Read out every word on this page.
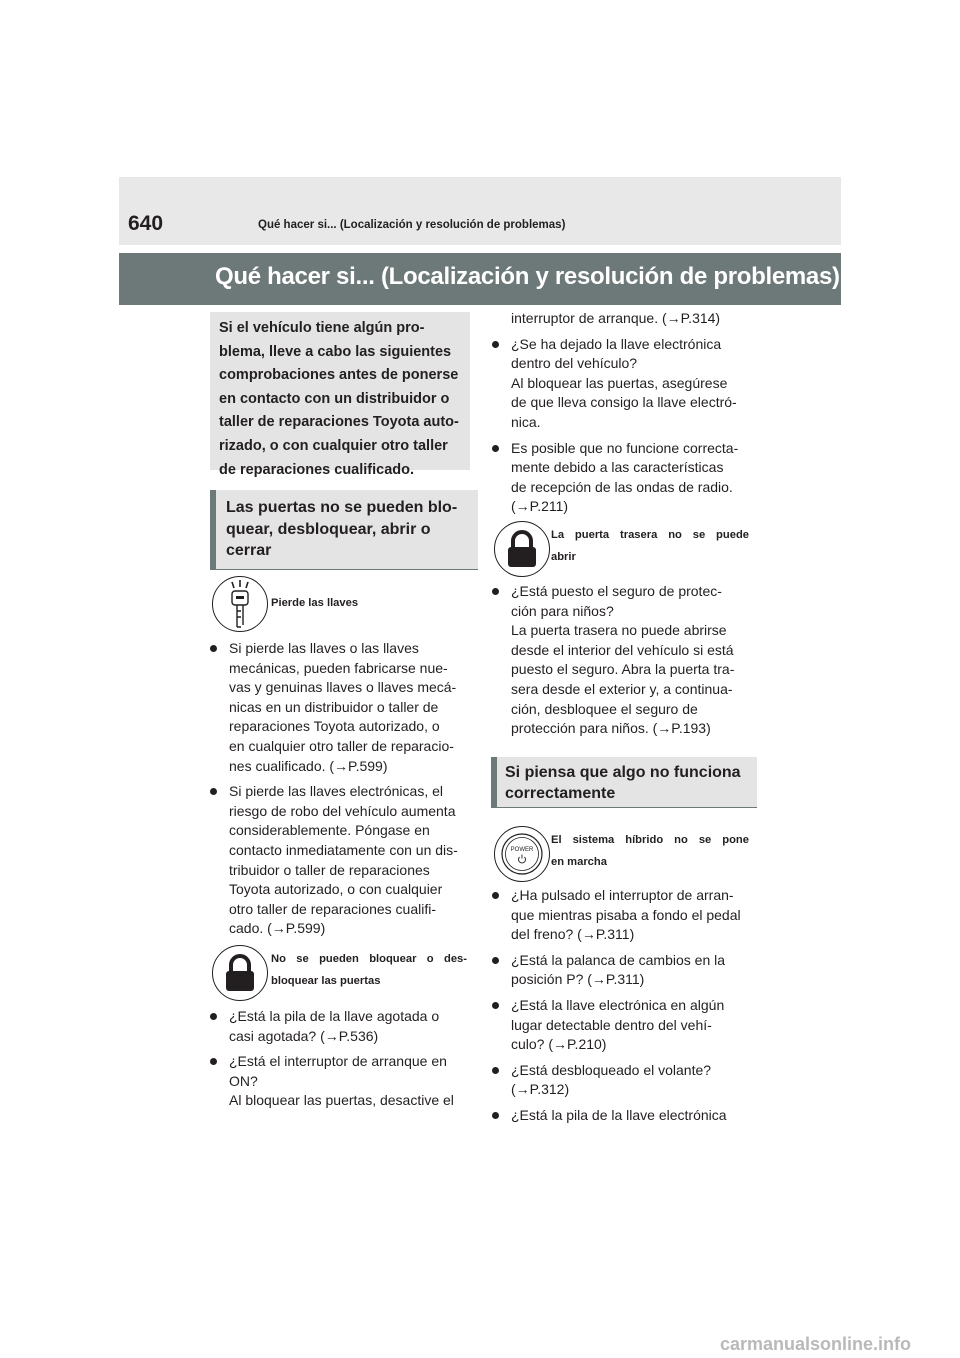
640	Qué hacer si... (Localización y resolución de problemas)
Qué hacer si... (Localización y resolución de problemas)

Si el vehículo tiene algún pro-
blema, lleve a cabo las siguientes
comprobaciones antes de ponerse
en contacto con un distribuidor o
taller de reparaciones Toyota auto-
rizado, o con cualquier otro taller
de reparaciones cualificado.

Las puertas no se pueden blo-
quear, desbloquear, abrir o
cerrar
Pierde las llaves
Si pierde las llaves o las llaves
mecánicas, pueden fabricarse nue-
vas y genuinas llaves o llaves mecá-
nicas en un distribuidor o taller de
reparaciones Toyota autorizado, o
en cualquier otro taller de reparacio-
nes cualificado. (→P.599)
Si pierde las llaves electrónicas, el
riesgo de robo del vehículo aumenta
considerablemente. Póngase en
contacto inmediatamente con un dis-
tribuidor o taller de reparaciones
Toyota autorizado, o con cualquier
otro taller de reparaciones cualifi-
cado. (→P.599)
No se pueden bloquear o des-
bloquear las puertas
¿Está la pila de la llave agotada o
casi agotada? (→P.536)
¿Está el interruptor de arranque en
ON?
Al bloquear las puertas, desactive el
interruptor de arranque. (→P.314)
¿Se ha dejado la llave electrónica
dentro del vehículo?
Al bloquear las puertas, asegúrese
de que lleva consigo la llave electró-
nica.
Es posible que no funcione correcta-
mente debido a las características
de recepción de las ondas de radio.
(→P.211)
La puerta trasera no se puede
abrir
¿Está puesto el seguro de protec-
ción para niños?
La puerta trasera no puede abrirse
desde el interior del vehículo si está
puesto el seguro. Abra la puerta tra-
sera desde el exterior y, a continua-
ción, desbloquee el seguro de
protección para niños. (→P.193)
Si piensa que algo no funciona
correctamente
POWER
El sistema híbrido no se pone
en marcha
¿Ha pulsado el interruptor de arran-
que mientras pisaba a fondo el pedal
del freno? (→P.311)
¿Está la palanca de cambios en la
posición P? (→P.311)
¿Está la llave electrónica en algún
lugar detectable dentro del vehí-
culo? (→P.210)
¿Está desbloqueado el volante?
(→P.312)
¿Está la pila de la llave electrónica
carmanualsonline.info
